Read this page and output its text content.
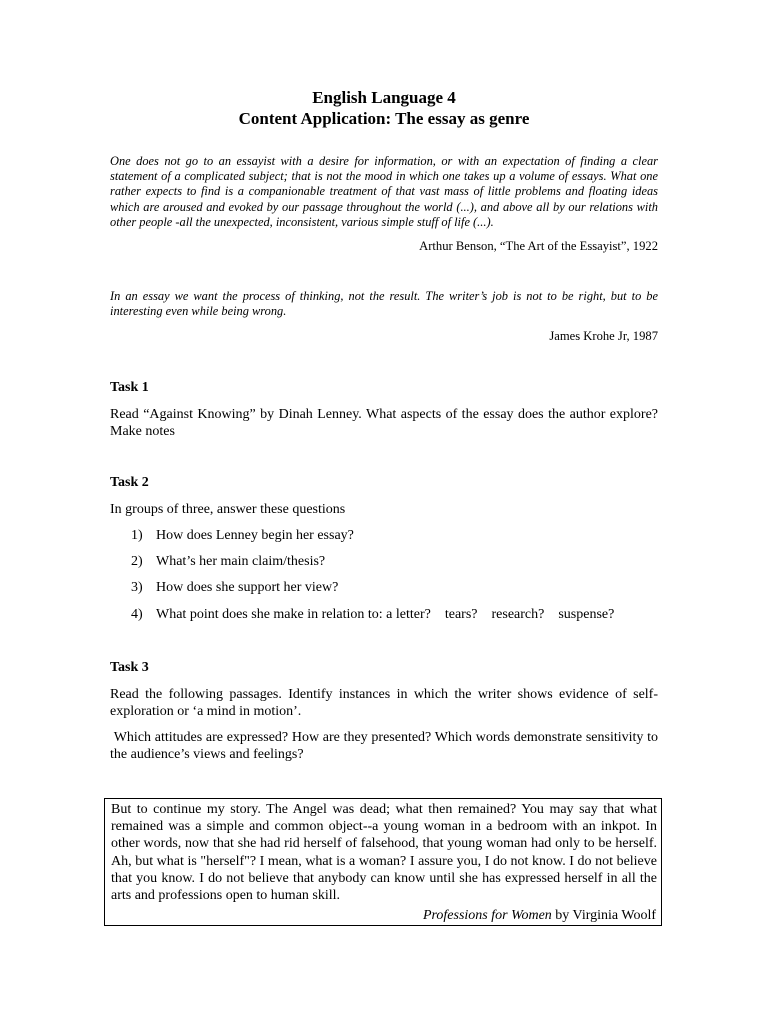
English Language 4
Content Application: The essay as genre

One does not go to an essayist with a desire for information, or with an expectation of finding a clear statement of a complicated subject; that is not the mood in which one takes up a volume of essays. What one rather expects to find is a companionable treatment of that vast mass of little problems and floating ideas which are aroused and evoked by our passage throughout the world (...), and above all by our relations with other people -all the unexpected, inconsistent, various simple stuff of life (...).

Arthur Benson, “The Art of the Essayist”, 1922

In an essay we want the process of thinking, not the result. The writer’s job is not to be right, but to be interesting even while being wrong.

James Krohe Jr, 1987

Task 1

Read “Against Knowing” by Dinah Lenney. What aspects of the essay does the author explore? Make notes

Task 2

In groups of three, answer these questions

1) How does Lenney begin her essay?
2) What’s her main claim/thesis?
3) How does she support her view?
4) What point does she make in relation to: a letter? tears? research? suspense?
Task 3

Read the following passages. Identify instances in which the writer shows evidence of self-exploration or ‘a mind in motion’.

Which attitudes are expressed? How are they presented? Which words demonstrate sensitivity to the audience’s views and feelings?

But to continue my story. The Angel was dead; what then remained? You may say that what remained was a simple and common object--a young woman in a bedroom with an inkpot. In other words, now that she had rid herself of falsehood, that young woman had only to be herself. Ah, but what is "herself"? I mean, what is a woman? I assure you, I do not know. I do not believe that you know. I do not believe that anybody can know until she has expressed herself in all the arts and professions open to human skill.

Professions for Women by Virginia Woolf
